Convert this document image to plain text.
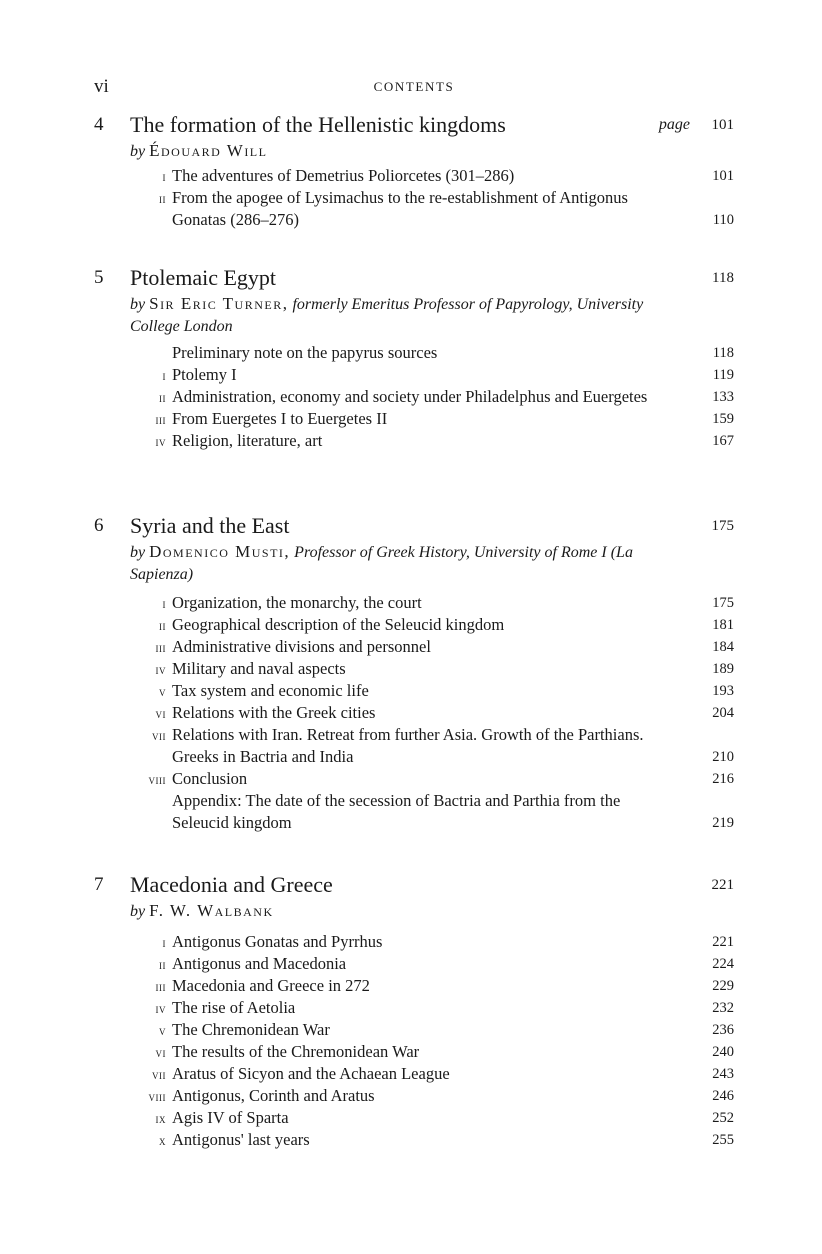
vi	CONTENTS
4 The formation of the Hellenistic kingdoms	page 101
by Édouard Will
i The adventures of Demetrius Poliorcetes (301–286)	101
ii From the apogee of Lysimachus to the re-establishment of Antigonus Gonatas (286–276)	110
5 Ptolemaic Egypt	118
by Sir Eric Turner, formerly Emeritus Professor of Papyrology, University College London
Preliminary note on the papyrus sources	118
i Ptolemy I	119
ii Administration, economy and society under Philadelphus and Euergetes	133
iii From Euergetes I to Euergetes II	159
iv Religion, literature, art	167
6 Syria and the East	175
by Domenico Musti, Professor of Greek History, University of Rome I (La Sapienza)
i Organization, the monarchy, the court	175
ii Geographical description of the Seleucid kingdom	181
iii Administrative divisions and personnel	184
iv Military and naval aspects	189
v Tax system and economic life	193
vi Relations with the Greek cities	204
vii Relations with Iran. Retreat from further Asia. Growth of the Parthians. Greeks in Bactria and India	210
viii Conclusion	216
Appendix: The date of the secession of Bactria and Parthia from the Seleucid kingdom	219
7 Macedonia and Greece	221
by F. W. Walbank
i Antigonus Gonatas and Pyrrhus	221
ii Antigonus and Macedonia	224
iii Macedonia and Greece in 272	229
iv The rise of Aetolia	232
v The Chremonidean War	236
vi The results of the Chremonidean War	240
vii Aratus of Sicyon and the Achaean League	243
viii Antigonus, Corinth and Aratus	246
ix Agis IV of Sparta	252
x Antigonus' last years	255
